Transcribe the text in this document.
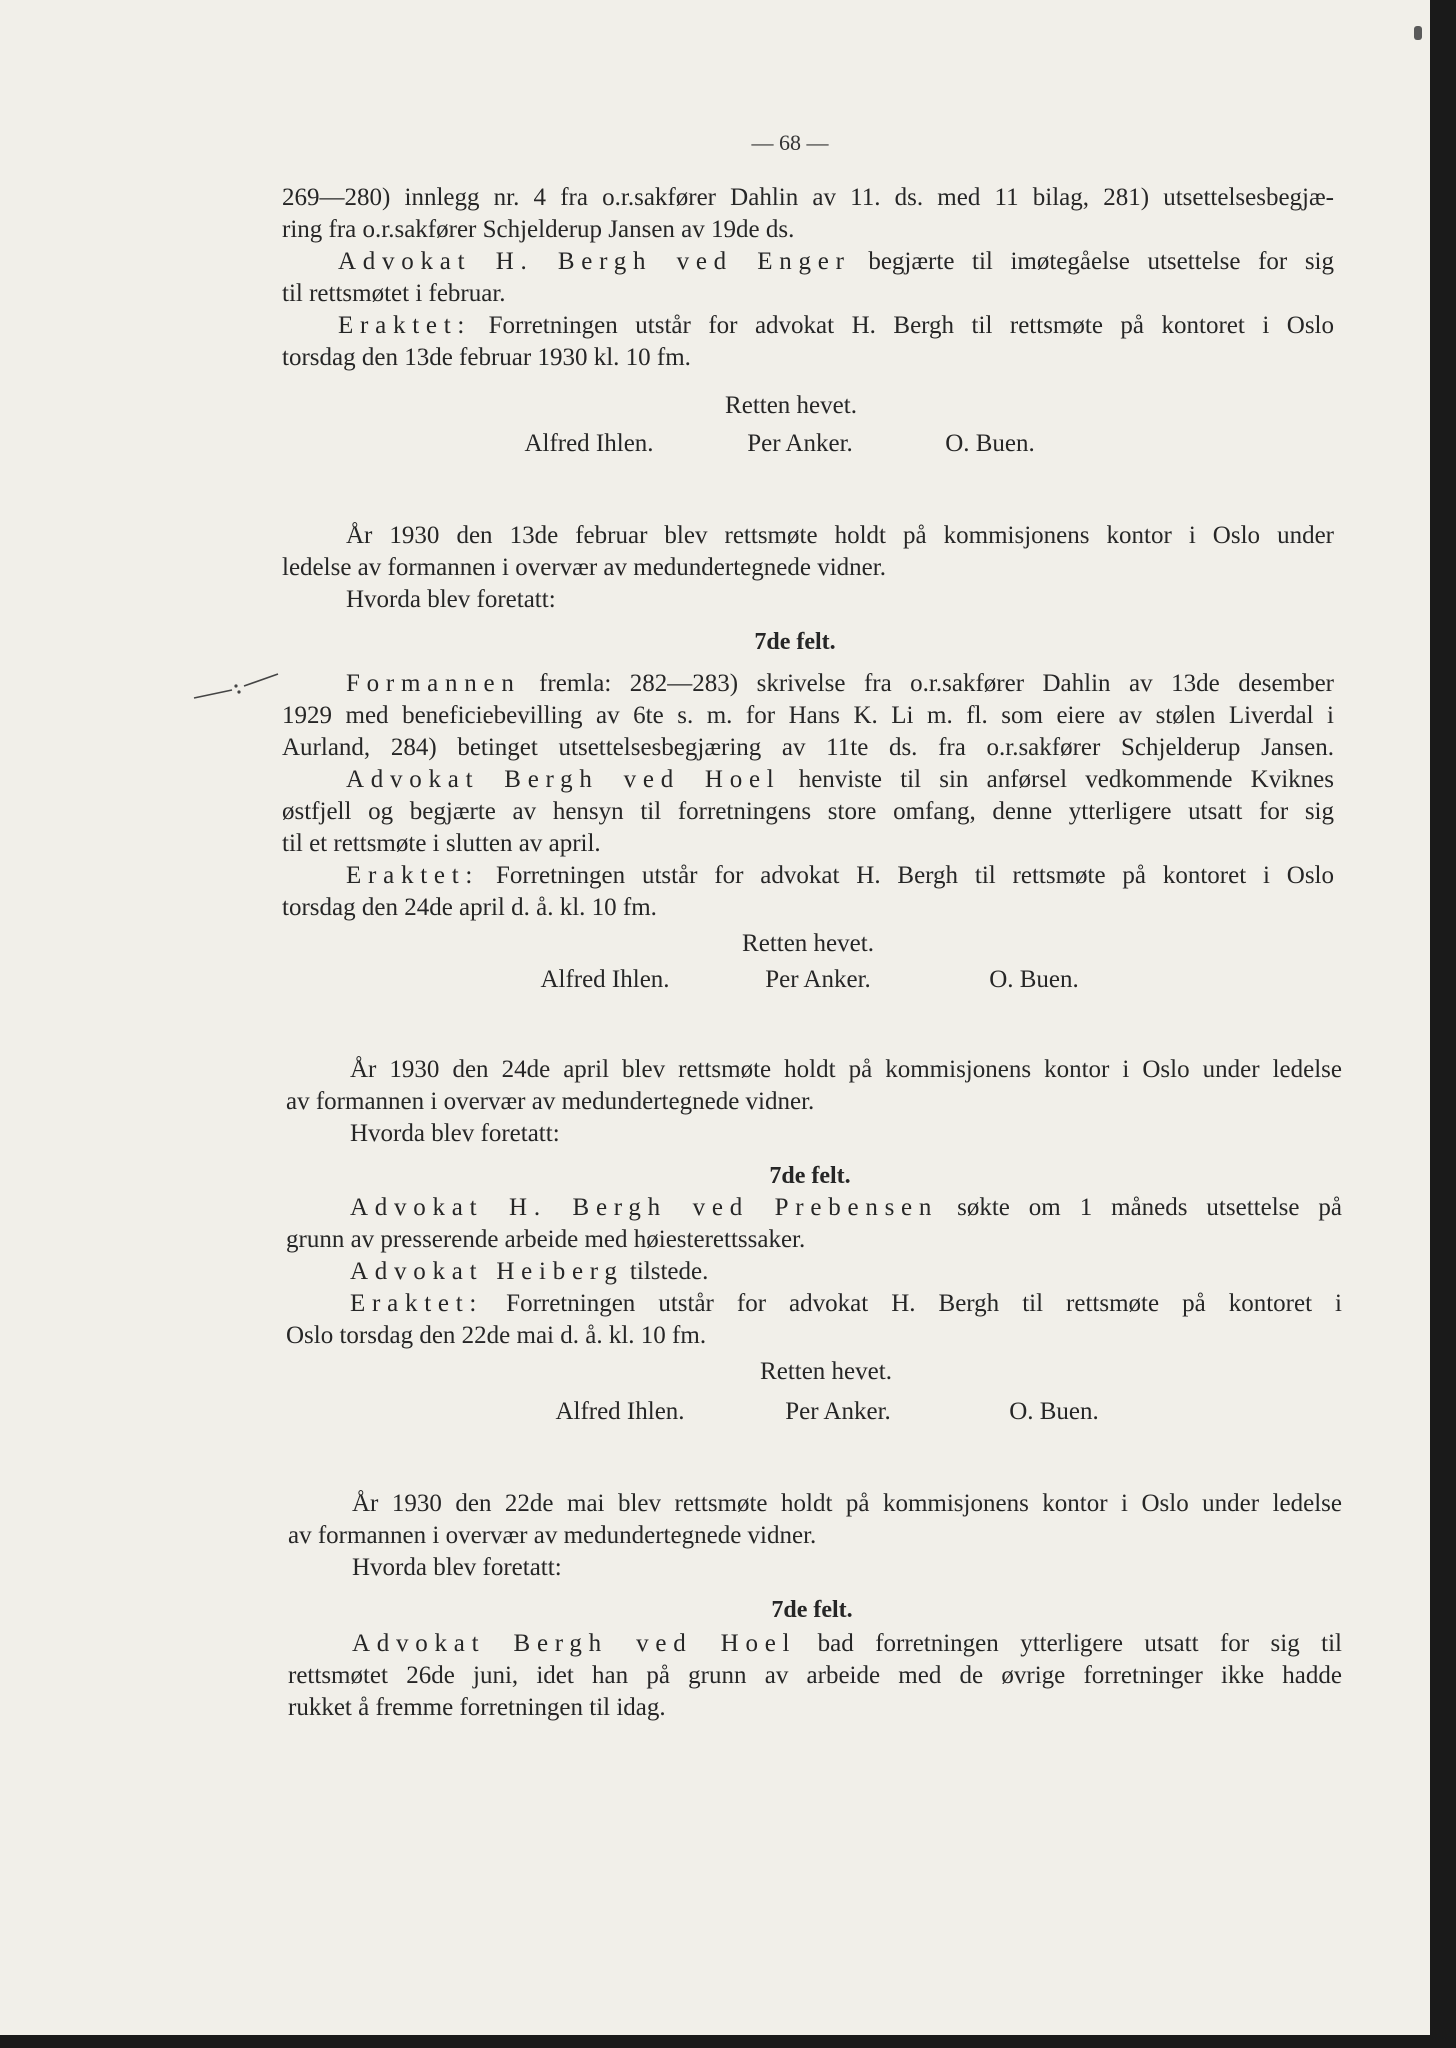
— 68 —
269—280) innlegg nr. 4 fra o.r.sakfører Dahlin av 11. ds. med 11 bilag, 281) utsettelsesbegjæ-
ring fra o.r.sakfører Schjelderup Jansen av 19de ds.
Advokat H. Bergh ved Enger begjærte til imøtegåelse utsettelse for sig
til rettsmøtet i februar.
Eraktet: Forretningen utstår for advokat H. Bergh til rettsmøte på kontoret i Oslo
torsdag den 13de februar 1930 kl. 10 fm.
Retten hevet.
Alfred Ihlen.	Per Anker.	O. Buen.
År 1930 den 13de februar blev rettsmøte holdt på kommisjonens kontor i Oslo under
ledelse av formannen i overvær av medundertegnede vidner.
Hvorda blev foretatt:
7de felt.
Formannen fremla: 282—283) skrivelse fra o.r.sakfører Dahlin av 13de desember
1929 med beneficiebevilling av 6te s. m. for Hans K. Li m. fl. som eiere av stølen Liverdal i
Aurland, 284) betinget utsettelsesbegjæring av 11te ds. fra o.r.sakfører Schjelderup Jansen.
Advokat Bergh ved Hoel henviste til sin anførsel vedkommende Kviknes
østfjell og begjærte av hensyn til forretningens store omfang, denne ytterligere utsatt for sig
til et rettsmøte i slutten av april.
Eraktet: Forretningen utstår for advokat H. Bergh til rettsmøte på kontoret i Oslo
torsdag den 24de april d. å. kl. 10 fm.
Retten hevet.
Alfred Ihlen.	Per Anker.	O. Buen.
År 1930 den 24de april blev rettsmøte holdt på kommisjonens kontor i Oslo under ledelse
av formannen i overvær av medundertegnede vidner.
Hvorda blev foretatt:
7de felt.
Advokat H. Bergh ved Prebensen søkte om 1 måneds utsettelse på
grunn av presserende arbeide med høiesterettssaker.
Advokat Heiberg tilstede.
Eraktet: Forretningen utstår for advokat H. Bergh til rettsmøte på kontoret i
Oslo torsdag den 22de mai d. å. kl. 10 fm.
Retten hevet.
Alfred Ihlen.	Per Anker.	O. Buen.
År 1930 den 22de mai blev rettsmøte holdt på kommisjonens kontor i Oslo under ledelse
av formannen i overvær av medundertegnede vidner.
Hvorda blev foretatt:
7de felt.
Advokat Bergh ved Hoel bad forretningen ytterligere utsatt for sig til
rettsmøtet 26de juni, idet han på grunn av arbeide med de øvrige forretninger ikke hadde
rukket å fremme forretningen til idag.
